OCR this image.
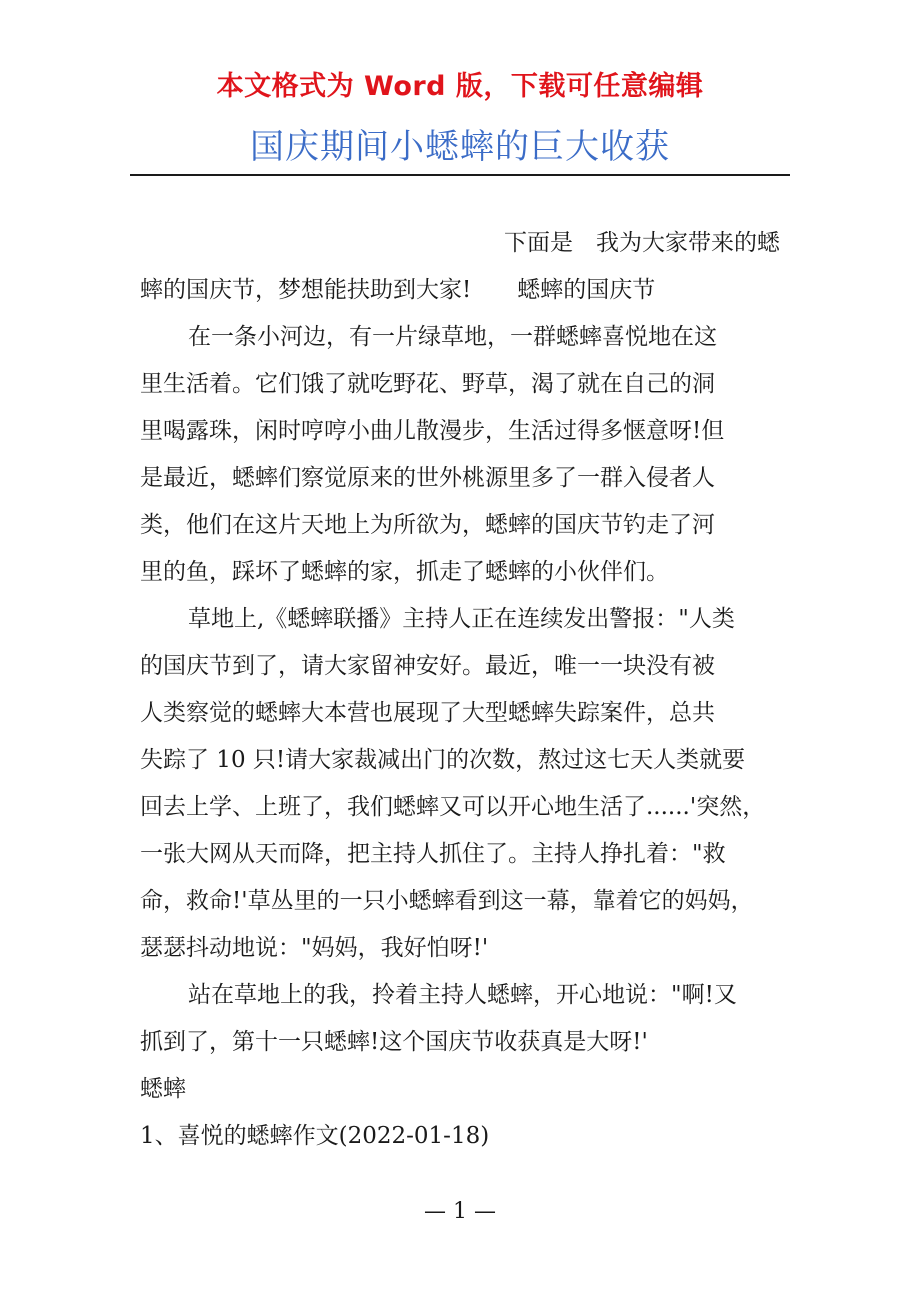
本文格式为 Word 版，下载可任意编辑
国庆期间小蟋蟀的巨大收获
下面是　我为大家带来的蟋
蟀的国庆节，梦想能扶助到大家!　　蟋蟀的国庆节
在一条小河边，有一片绿草地，一群蟋蟀喜悦地在这
里生活着。它们饿了就吃野花、野草，渴了就在自己的洞
里喝露珠，闲时哼哼小曲儿散漫步，生活过得多惬意呀!但
是最近，蟋蟀们察觉原来的世外桃源里多了一群入侵者人
类，他们在这片天地上为所欲为，蟋蟀的国庆节钓走了河
里的鱼，踩坏了蟋蟀的家，抓走了蟋蟀的小伙伴们。
草地上,《蟋蟀联播》主持人正在连续发出警报："人类
的国庆节到了，请大家留神安好。最近，唯一一块没有被
人类察觉的蟋蟀大本营也展现了大型蟋蟀失踪案件，总共
失踪了 10 只!请大家裁减出门的次数，熬过这七天人类就要
回去上学、上班了，我们蟋蟀又可以开心地生活了......'突然，
一张大网从天而降，把主持人抓住了。主持人挣扎着："救
命，救命!'草丛里的一只小蟋蟀看到这一幕，靠着它的妈妈，
瑟瑟抖动地说："妈妈，我好怕呀!'
站在草地上的我，拎着主持人蟋蟀，开心地说："啊!又
抓到了，第十一只蟋蟀!这个国庆节收获真是大呀!'
蟋蟀
1、喜悦的蟋蟀作文(2022-01-18)
— 1 —
